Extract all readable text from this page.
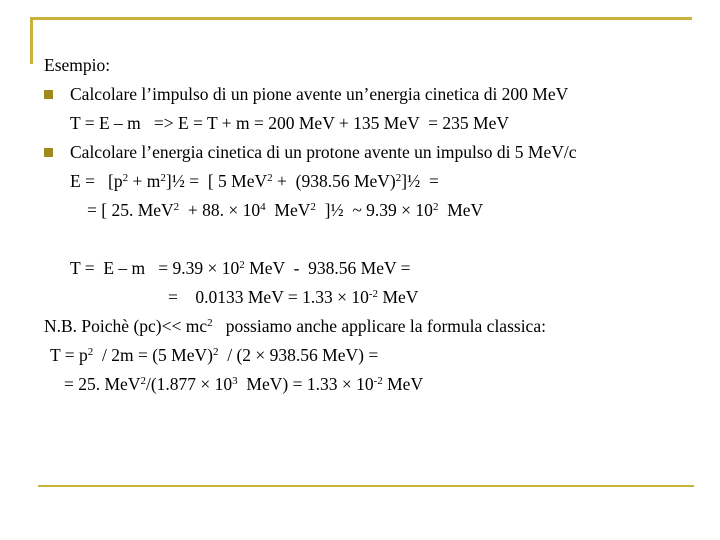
Esempio:
Calcolare l’impulso di un pione avente un’energia cinetica di 200 MeV
T = E – m   => E = T + m = 200 MeV + 135 MeV  = 235 MeV
Calcolare l’energia cinetica di un protone avente un impulso di 5 MeV/c
$E = [p^2$ + $m^2]\frac{1}{2}$ =  [ 5 MeV$^2$ +  (938.56 MeV)$^2$]½  =
= [ 25. MeV$^2$  + 88. × $10^4$  MeV$^2$  ]½  ~ $9.39 \times 10^2$  MeV
$T = E - m = 9.39 \times 10^2$ MeV  -  938.56 MeV =
=    0.0133 MeV = $1.33 \times 10^{-2}$ MeV
N.B. Poichè $(pc)<< mc^2$   possiamo anche applicare la formula classica:
$T = p^2 / 2m = (5$ MeV)$^2$  / (2 × 938.56 MeV) =
= 25. $MeV^2/(1.877 \times 10^3$  $MeV) = 1.33 \times 10^{-2}$ MeV
